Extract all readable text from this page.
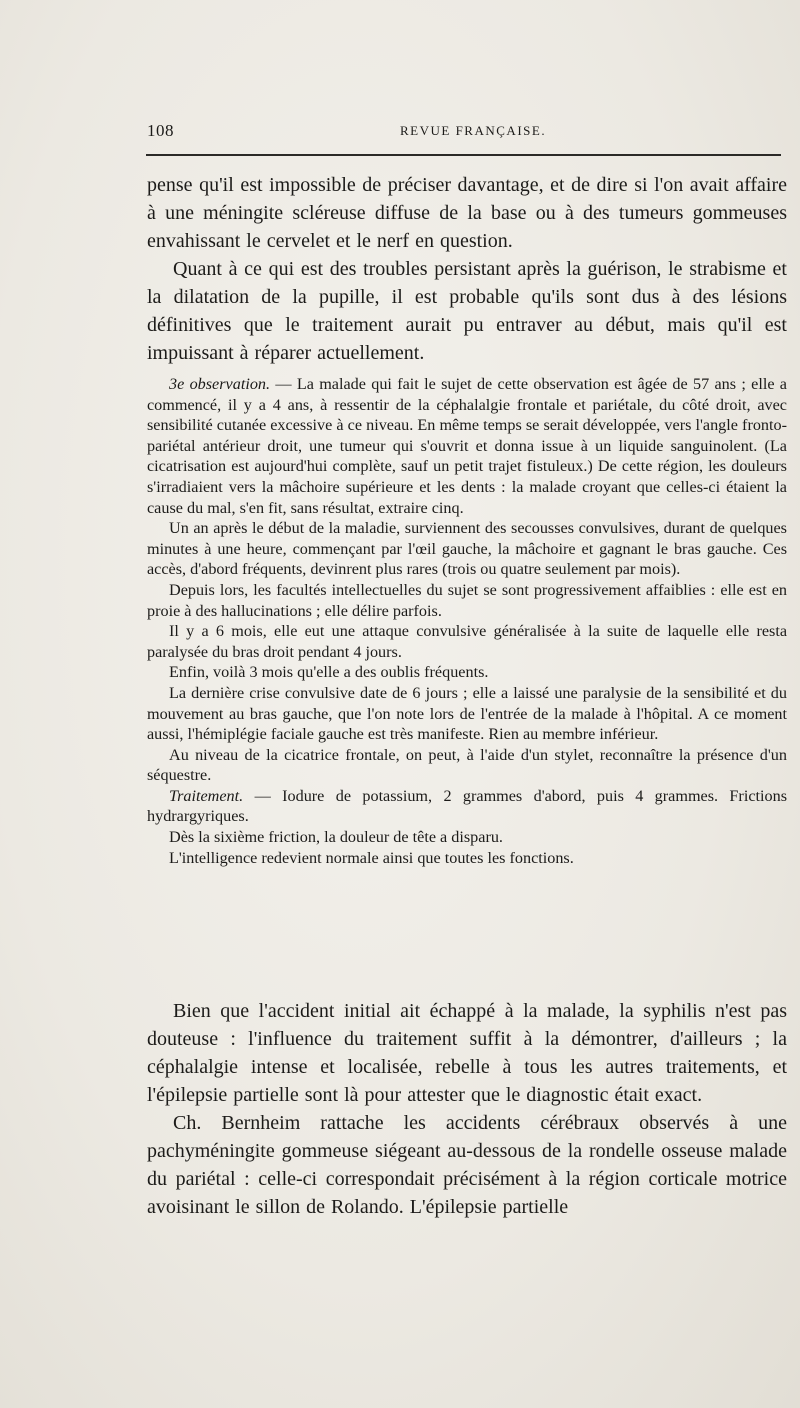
108	REVUE FRANÇAISE.

pense qu'il est impossible de préciser davantage, et de dire si l'on avait affaire à une méningite scléreuse diffuse de la base ou à des tumeurs gommeuses envahissant le cervelet et le nerf en question.

Quant à ce qui est des troubles persistant après la guérison, le strabisme et la dilatation de la pupille, il est probable qu'ils sont dus à des lésions définitives que le traitement aurait pu entraver au début, mais qu'il est impuissant à réparer actuellement.

3e observation. — La malade qui fait le sujet de cette observation est âgée de 57 ans ; elle a commencé, il y a 4 ans, à ressentir de la céphalalgie frontale et pariétale, du côté droit, avec sensibilité cutanée excessive à ce niveau. En même temps se serait développée, vers l'angle fronto-pariétal antérieur droit, une tumeur qui s'ouvrit et donna issue à un liquide sanguinolent. (La cicatrisation est aujourd'hui complète, sauf un petit trajet fistuleux.) De cette région, les douleurs s'irradiaient vers la mâchoire supérieure et les dents : la malade croyant que celles-ci étaient la cause du mal, s'en fit, sans résultat, extraire cinq.

Un an après le début de la maladie, surviennent des secousses convulsives, durant de quelques minutes à une heure, commençant par l'œil gauche, la mâchoire et gagnant le bras gauche. Ces accès, d'abord fréquents, devinrent plus rares (trois ou quatre seulement par mois).

Depuis lors, les facultés intellectuelles du sujet se sont progressivement affaiblies : elle est en proie à des hallucinations ; elle délire parfois.

Il y a 6 mois, elle eut une attaque convulsive généralisée à la suite de laquelle elle resta paralysée du bras droit pendant 4 jours.

Enfin, voilà 3 mois qu'elle a des oublis fréquents.

La dernière crise convulsive date de 6 jours ; elle a laissé une paralysie de la sensibilité et du mouvement au bras gauche, que l'on note lors de l'entrée de la malade à l'hôpital. A ce moment aussi, l'hémiplégie faciale gauche est très manifeste. Rien au membre inférieur.

Au niveau de la cicatrice frontale, on peut, à l'aide d'un stylet, reconnaître la présence d'un séquestre.

Traitement. — Iodure de potassium, 2 grammes d'abord, puis 4 grammes. Frictions hydrargyriques.

Dès la sixième friction, la douleur de tête a disparu.

L'intelligence redevient normale ainsi que toutes les fonctions.

Bien que l'accident initial ait échappé à la malade, la syphilis n'est pas douteuse : l'influence du traitement suffit à la démontrer, d'ailleurs ; la céphalalgie intense et localisée, rebelle à tous les autres traitements, et l'épilepsie partielle sont là pour attester que le diagnostic était exact.

Ch. Bernheim rattache les accidents cérébraux observés à une pachyméningite gommeuse siégeant au-dessous de la rondelle osseuse malade du pariétal : celle-ci correspondait précisément à la région corticale motrice avoisinant le sillon de Rolando. L'épilepsie partielle
